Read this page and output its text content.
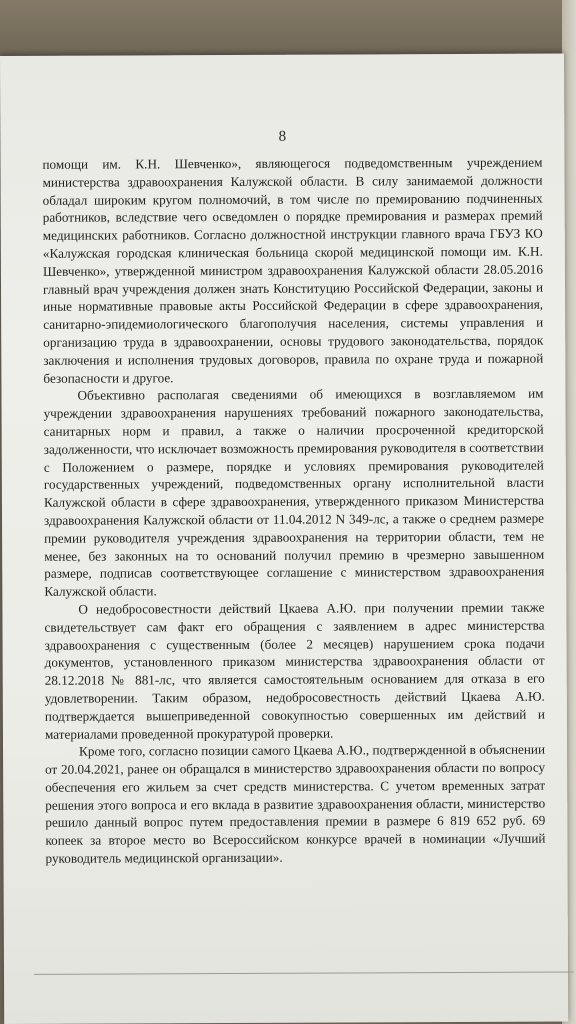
8

помощи им. К.Н. Шевченко», являющегося подведомственным учреждением министерства здравоохранения Калужской области. В силу занимаемой должности обладал широким кругом полномочий, в том числе по премированию подчиненных работников, вследствие чего осведомлен о порядке премирования и размерах премий медицинских работников. Согласно должностной инструкции главного врача ГБУЗ КО «Калужская городская клиническая больница скорой медицинской помощи им. К.Н. Шевченко», утвержденной министром здравоохранения Калужской области 28.05.2016 главный врач учреждения должен знать Конституцию Российской Федерации, законы и иные нормативные правовые акты Российской Федерации в сфере здравоохранения, санитарно-эпидемиологического благополучия населения, системы управления и организацию труда в здравоохранении, основы трудового законодательства, порядок заключения и исполнения трудовых договоров, правила по охране труда и пожарной безопасности и другое.

Объективно располагая сведениями об имеющихся в возглавляемом им учреждении здравоохранения нарушениях требований пожарного законодательства, санитарных норм и правил, а также о наличии просроченной кредиторской задолженности, что исключает возможность премирования руководителя в соответствии с Положением о размере, порядке и условиях премирования руководителей государственных учреждений, подведомственных органу исполнительной власти Калужской области в сфере здравоохранения, утвержденного приказом Министерства здравоохранения Калужской области от 11.04.2012 N 349-лс, а также о среднем размере премии руководителя учреждения здравоохранения на территории области, тем не менее, без законных на то оснований получил премию в чрезмерно завышенном размере, подписав соответствующее соглашение с министерством здравоохранения Калужской области.

О недобросовестности действий Цкаева А.Ю. при получении премии также свидетельствует сам факт его обращения с заявлением в адрес министерства здравоохранения с существенным (более 2 месяцев) нарушением срока подачи документов, установленного приказом министерства здравоохранения области от 28.12.2018 № 881-лс, что является самостоятельным основанием для отказа в его удовлетворении. Таким образом, недобросовестность действий Цкаева А.Ю. подтверждается вышеприведенной совокупностью совершенных им действий и материалами проведенной прокуратурой проверки.

Кроме того, согласно позиции самого Цкаева А.Ю., подтвержденной в объяснении от 20.04.2021, ранее он обращался в министерство здравоохранения области по вопросу обеспечения его жильем за счет средств министерства. С учетом временных затрат решения этого вопроса и его вклада в развитие здравоохранения области, министерство решило данный вопрос путем предоставления премии в размере 6 819 652 руб. 69 копеек за второе место во Всероссийском конкурсе врачей в номинации «Лучший руководитель медицинской организации».
